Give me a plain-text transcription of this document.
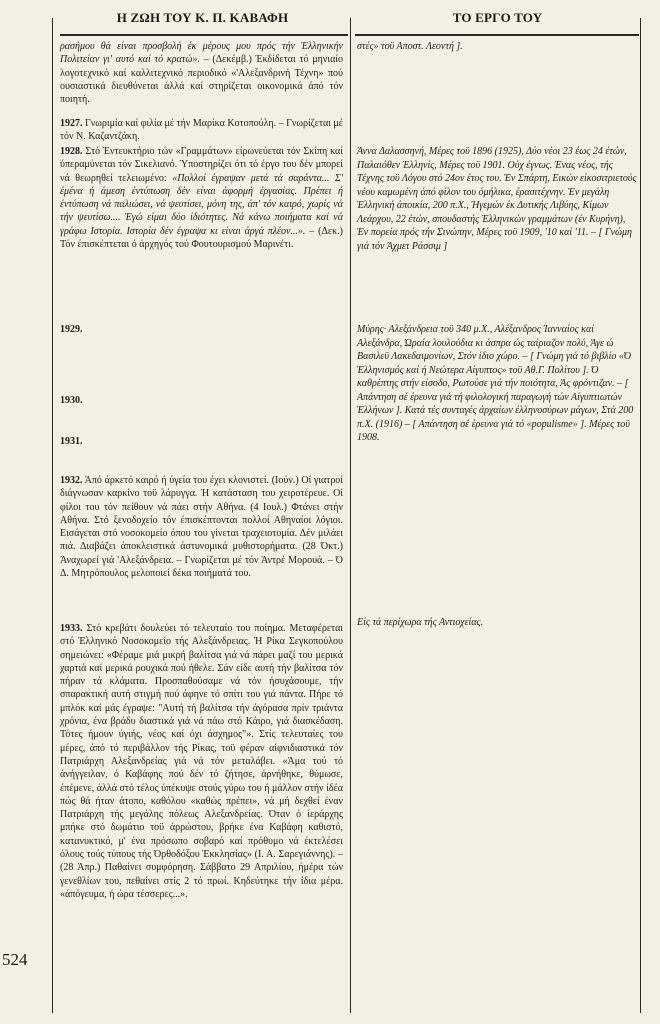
Η ΖΩΗ ΤΟΥ Κ. Π. ΚΑΒΑΦΗ	ΤΟ ΕΡΓΟ ΤΟΥ
524

ρασήμου θά είναι προσβολή έκ μέρους μου πρός τήν Έλληνικήν Πολιτείαν γι' αυτό καί τό κρατώ». – (Δεκέμβ.) Έκδίδεται τό μηνιαίο λογοτεχνικό καί καλλιτεχνικό περιοδικό «'Αλεξανδρινή Τέχνη» πού ουσιαστικά διευθύνεται άλλά καί στηρίζεται οικονομικά άπό τόν ποιητή.

1927. Γνωριμία καί φιλία μέ τήν Μαρίκα Κοτοπούλη. – Γνωρίζεται μέ τόν Ν. Καζαντζάκη.

1928. Στό Έντευκτήριο τών «Γραμμάτων» είρωνεύεται τόν Σκίπη καί ύπεραμύνεται τόν Σικελιανό. Ύποστηρίζει ότι τό έργο του δέν μπορεί νά θεωρηθεί τελειωμένο: «Πολλοί έγραψαν μετά τά σαράντα... Σ' έμένα ή άμεση έντύπωση δέν είναι άφορμή έργασίας. Πρέπει ή έντύπωση νά παλιώσει, νά ψευτίσει, μόνη της, άπ' τόν καιρό, χωρίς νά τήν ψευτίσω.... Έγώ είμαι δύο ίδιότητες. Νά κάνω ποιήματα καί νά γράφω Ιστορία. Ιστορία δέν έγραψα κι είναι άργά πλέον...». – (Δεκ.) Τόν έπισκέπτεται ό άρχηγός τού Φουτουρισμού Μαρινέτι.

1929.

1930.

1931.

1932. Άπό άρκετό καιρό ή ύγεία του έχει κλονιστεί. (Ιούν.) Οί γιατροί διάγνωσαν καρκίνο τοϋ λάρυγγα. Ή κατάσταση του χειροτέρευε. Οί φίλοι του τόν πείθουν νά πάει στήν Αθήνα. (4 Ιουλ.) Φτάνει στήν Αθήνα. Στό ξενοδοχείο τόν έπισκέπτονται πολλοί Αθηναίοι λόγιοι. Εισάγεται στό νοσοκομείο όπου του γίνεται τραχειοτομία. Δέν μιλάει πιά. Διαβάζει άποκλειστικά άστυνομικά μυθιστορήματα. (28 Όκτ.) Άναχωρεί γιά 'Αλεξάνδρεια. – Γνωρίζεται μέ τόν Άντρέ Μορουά. – Ό Δ. Μητρόπουλος μελοποιεί δέκα ποιήματά του.

1933. Στό κρεβάτι δουλεύει τό τελευταίο του ποίημα. Μεταφέρεται στό Έλληνικό Νοσοκομείο τής Αλεξάνδρειας. Ή Ρίκα Σεγκοπούλου σημειώνει: «Φέραμε μιά μικρή βαλίτσα γιά νά πάρει μαζί του μερικά χαρτιά καί μερικά ρουχικά πού ήθελε. Σάν είδε αυτή τήν βαλίτσα τόν πήραν τά κλάματα. Προσπαθούσαμε νά τόν ήσυχάσουμε, τήν σπαρακτική αυτή στιγμή πού άφηνε τό σπίτι του γιά πάντα. Πήρε τό μπλόκ καί μάς έγραψε: "Αυτή τή βαλίτσα τήν άγόρασα πρίν τριάντα χρόνια, ένα βράδυ διαστικά γιά νά πάω στό Κάιρο, γιά διασκέδαση. Τότες ήμουν ύγιής, νέος καί όχι άσχημος"». Στίς τελευταίες του μέρες, άπό τό περιβάλλον τής Ρίκας, τοϋ φέραν αίφνιδιαστικά τόν Πατριάρχη Αλεξανδρείας γιά νά τόν μεταλάβει. «Άμα τού τό άνήγγειλαν, ό Καβάφης πού δέν τό ζήτησε, άρνήθηκε, θύμωσε, έπέμενε, άλλά στό τέλος ύπέκυψε στούς γύρω του ή μάλλον στήν ίδέα πώς θά ήταν άτοπο, καθόλου «καθώς πρέπει», νά μή δεχθεί έναν Πατριάρχη τής μεγάλης πόλεως Αλεξανδρείας. Όταν ό ίεράρχης μπήκε στό δωμάτιο τοϋ άρρώστου, βρήκε ένα Καβάφη καθιστό, κατανυκτικό, μ' ένα πρόσωπο σοβαρό καί πρόθυμο νά έκτελέσει όλους τούς τύπους τής Όρθοδόξου Έκκλησίας» (Ι. Α. Σαρεγιάννης). – (28 Άπρ.) Παθαίνει συμφόρηση. Σάββατο 29 Απριλίου, ήμέρα τών γενεθλίων του, πεθαίνει στίς 2 τό πρωί. Κηδεύτηκε τήν ίδια μέρα. «άπόγευμα, ή ώρα τέσσερες...».

στές» τοϋ Αποστ. Λεοντή ].

Άννα Δαλασσηνή, Μέρες τοϋ 1896 (1925), Δύο νέοι 23 έως 24 έτών, Παλαιόθεν Έλληνίς, Μέρες τοϋ 1901. Ούχ έγνως. Ένας νέος, τής Τέχνης τοϋ Λόγου στό 24ον έτος του. Έν Σπάρτη, Εικών είκοσιτριετούς νέου καμωμένη άπό φίλον του όμήλικα, έρασιτέχνην. Έν μεγάλη Έλληνική άποικία, 200 π.Χ., Ήγεμών έκ Δυτικής Λιβύης, Κίμων Λεάρχου, 22 έτών, σπουδαστής Έλληνικών γραμμάτων (έν Κυρήνη), Έν πορεία πρός τήν Σινώπην, Μέρες τοϋ 1909, '10 καί '11. – [ Γνώμη γιά τόν Άχμετ Ράσσιμ ]

Μύρης· Αλεξάνδρεια τοϋ 340 μ.Χ., Αλέξανδρος Ίανναίος καί Αλεξάνδρα, Ώραία λουλούδια κι άσπρα ώς ταίριαζον πολύ, Άγε ώ Βασιλεϋ Λακεδαιμονίων, Στόν ίδιο χώρο. – [ Γνώμη γιά τό βιβλίο «Ό Έλληνισμός καί ή Νεώτερα Αίγυπτος» τοϋ Αθ.Γ. Πολίτου ]. Ό καθρέπτης στήν είσοδο, Ρωτούσε γιά τήν ποιότητα, Άς φρόντιζαν. – [ Απάντηση σέ έρευνα γιά τή φιλολογική παραγωγή τών Αίγυπτιωτών Έλλήνων ]. Κατά τές συνταγές άρχαίων έλληνοσύρων μάγων, Στά 200 π.Χ. (1916) – [ Απάντηση σέ έρευνα γιά τό «populisme» ]. Μέρες τοϋ 1908.

Είς τά περίχωρα τής Αντιοχείας.
